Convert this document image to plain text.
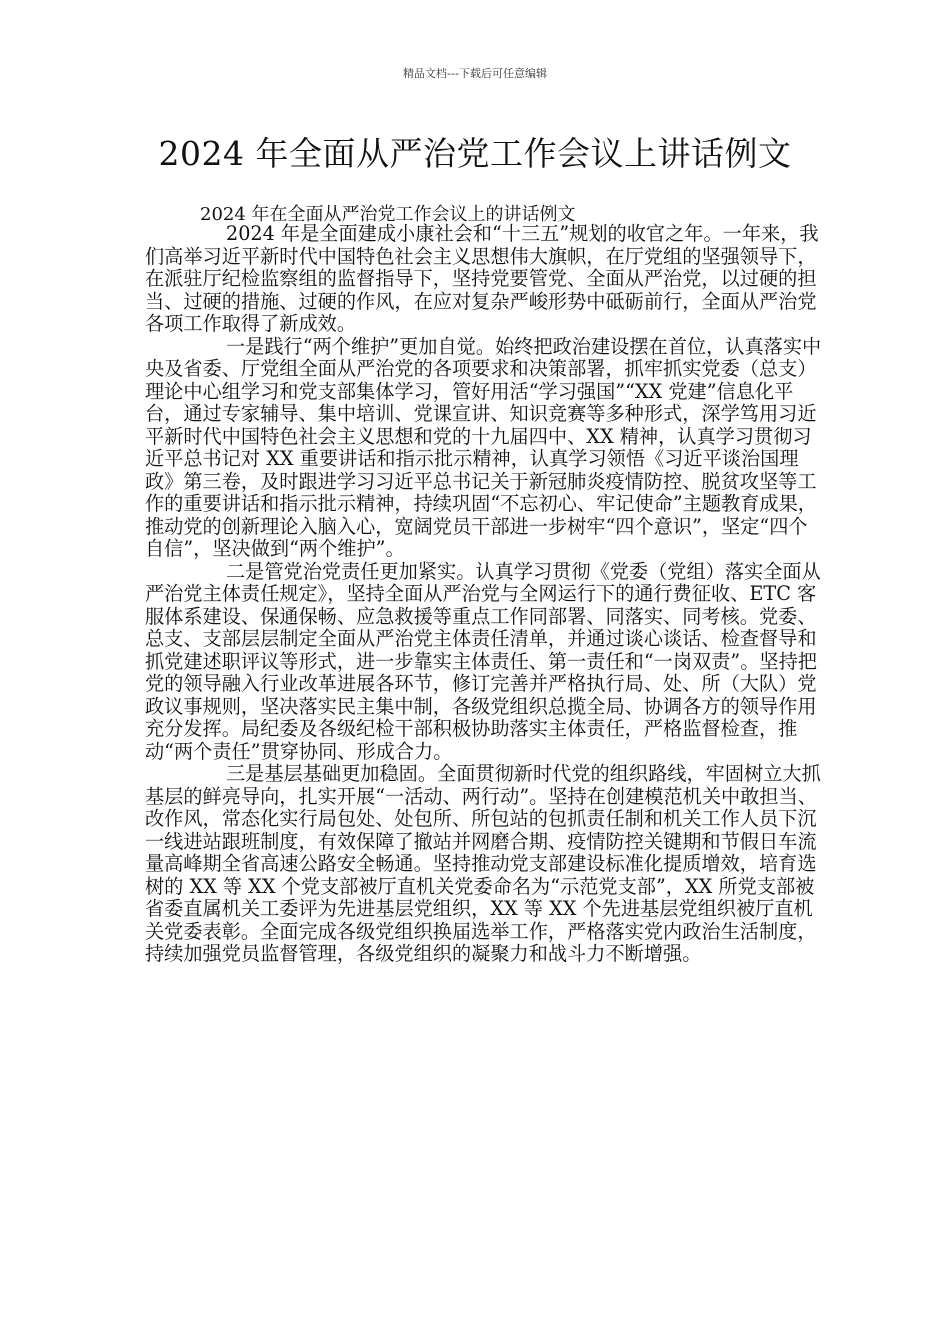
精品文档---下载后可任意编辑
2024 年全面从严治党工作会议上讲话例文
2024 年在全面从严治党工作会议上的讲话例文

2024 年是全面建成小康社会和“十三五”规划的收官之年。一年来，我们高举习近平新时代中国特色社会主义思想伟大旗帜，在厅党组的坚强领导下，在派驻厅纪检监察组的监督指导下，坚持党要管党、全面从严治党，以过硬的担当、过硬的措施、过硬的作风，在应对复杂严峻形势中砥砺前行，全面从严治党各项工作取得了新成效。

一是践行“两个维护”更加自觉。始终把政治建设摆在首位，认真落实中央及省委、厅党组全面从严治党的各项要求和决策部署，抓牢抓实党委（总支）理论中心组学习和党支部集体学习，管好用活“学习强国”“XX 党建”信息化平台，通过专家辅导、集中培训、党课宣讲、知识竞赛等多种形式，深学笃用习近平新时代中国特色社会主义思想和党的十九届四中、XX 精神，认真学习贯彻习近平总书记对 XX 重要讲话和指示批示精神，认真学习领悟《习近平谈治国理政》第三卷，及时跟进学习习近平总书记关于新冠肺炎疫情防控、脱贫攻坚等工作的重要讲话和指示批示精神，持续巩固“不忘初心、牢记使命”主题教育成果，推动党的创新理论入脑入心，宽阔党员干部进一步树牢“四个意识”，坚定“四个自信”，坚决做到“两个维护”。

二是管党治党责任更加紧实。认真学习贯彻《党委（党组）落实全面从严治党主体责任规定》，坚持全面从严治党与全网运行下的通行费征收、ETC 客服体系建设、保通保畅、应急救援等重点工作同部署、同落实、同考核。党委、总支、支部层层制定全面从严治党主体责任清单，并通过谈心谈话、检查督导和抓党建述职评议等形式，进一步靠实主体责任、第一责任和“一岗双责”。坚持把党的领导融入行业改革进展各环节，修订完善并严格执行局、处、所（大队）党政议事规则，坚决落实民主集中制，各级党组织总揽全局、协调各方的领导作用充分发挥。局纪委及各级纪检干部积极协助落实主体责任，严格监督检查，推动“两个责任”贯穿协同、形成合力。

三是基层基础更加稳固。全面贯彻新时代党的组织路线，牢固树立大抓基层的鲜亮导向，扎实开展“一活动、两行动”。坚持在创建模范机关中敢担当、改作风，常态化实行局包处、处包所、所包站的包抓责任制和机关工作人员下沉一线进站跟班制度，有效保障了撤站并网磨合期、疫情防控关键期和节假日车流量高峰期全省高速公路安全畅通。坚持推动党支部建设标准化提质增效，培育选树的 XX 等 XX 个党支部被厅直机关党委命名为“示范党支部”，XX 所党支部被省委直属机关工委评为先进基层党组织，XX 等 XX 个先进基层党组织被厅直机关党委表彰。全面完成各级党组织换届选举工作，严格落实党内政治生活制度，持续加强党员监督管理，各级党组织的凝聚力和战斗力不断增强。
